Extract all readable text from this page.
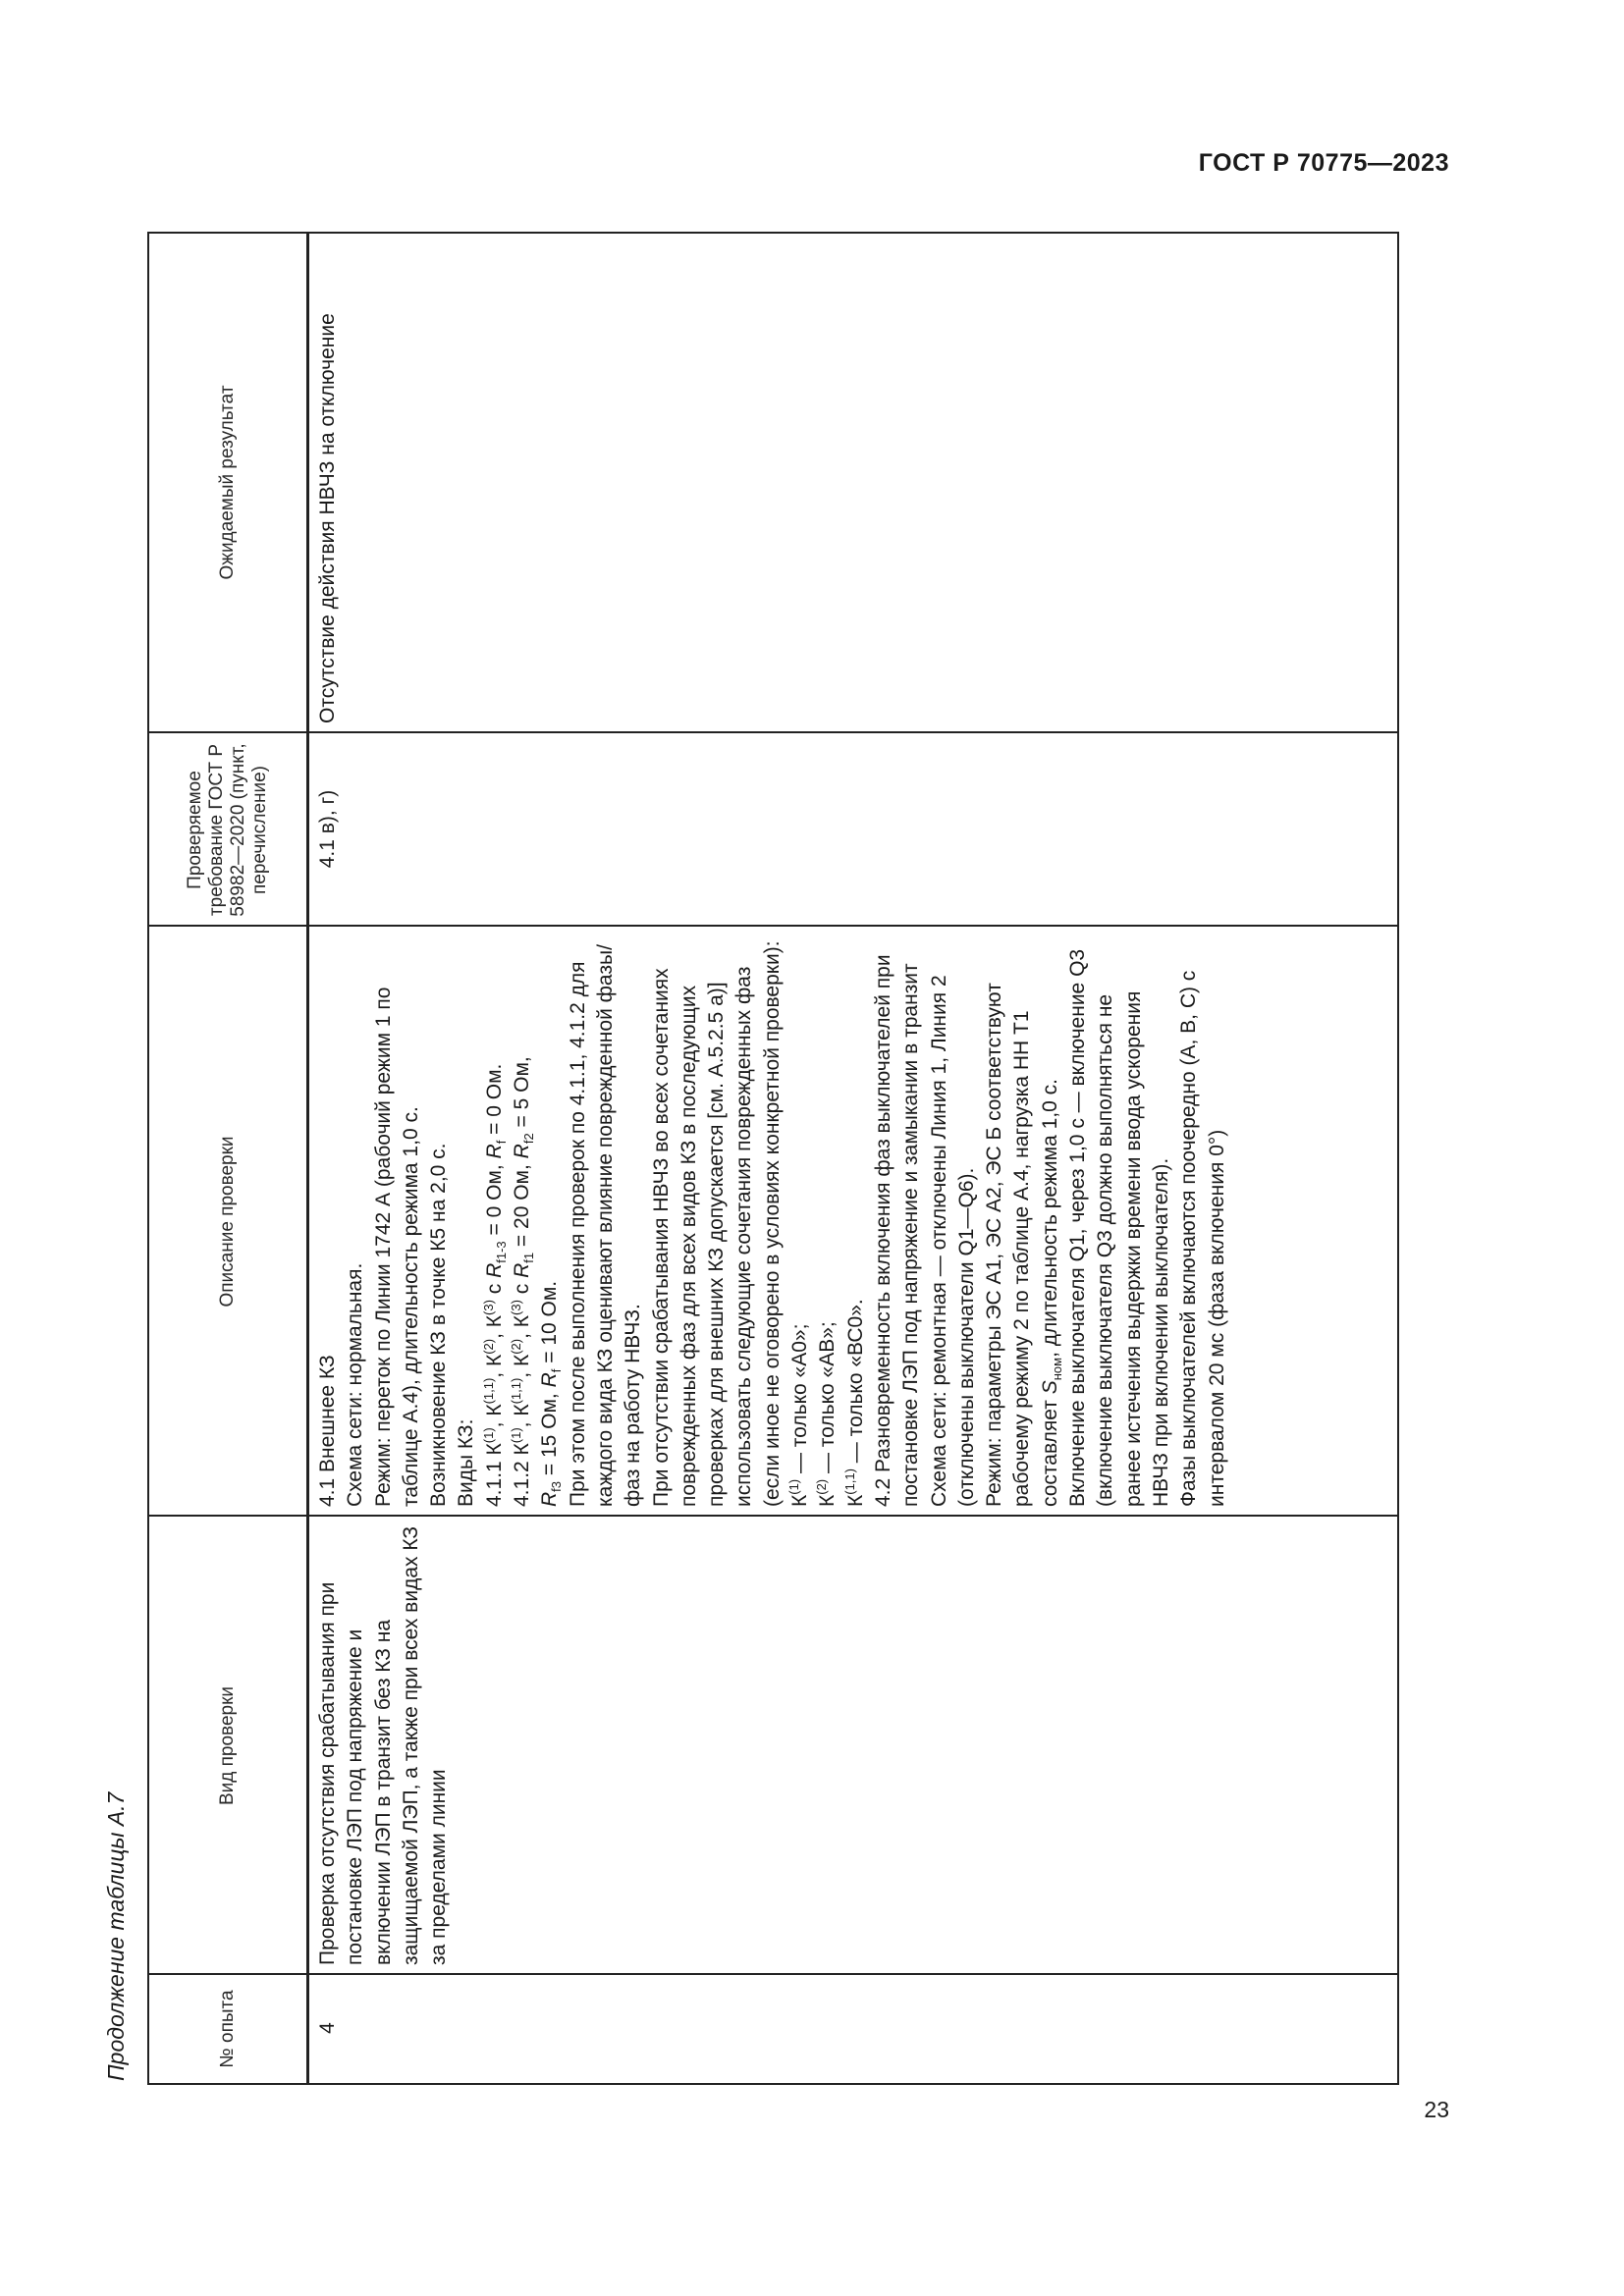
ГОСТ Р 70775—2023
Продолжение таблицы А.7	№ опыта
Вид проверки
Описание проверки
Проверяемое требование ГОСТ Р 58982—2020 (пункт, перечисление)
Ожидаемый результат
4
Проверка отсутствия срабатывания при постановке ЛЭП под напряжение и включении ЛЭП в транзит без КЗ на защищаемой ЛЭП, а также при всех видах КЗ за пределами линии

4.1 Внешнее КЗ Схема сети: нормальная. Режим: переток по Линии 1742 А (рабочий режим 1 по таблице А.4), длительность режима 1,0 с. Возникновение КЗ в точке К5 на 2,0 с. Виды КЗ: 4.1.1 $К^{(1)}$, К$^{(1,1)}$, $К^{(2)}$, $К^{(3)}$ с $R_{f1-3} = 0$ Ом, $R_f = 0$ Ом.

4.1.2 $К^{(1)}$, К$^{(1,1)}$, $К^{(2)}$, $К^{(3)}$ с $R_{f1} = 20$ Ом, $R_{f2} = 5$ Ом,

$R_{f3} = 15$ Ом, $R_f = 10$ Ом. При этом после выполнения проверок по 4.1.1, 4.1.2 для каждого вида КЗ оценивают влияние поврежденной фазы/фаз на работу НВЧЗ. При отсутствии срабатывания НВЧЗ во всех сочетаниях поврежденных фаз для всех видов КЗ в последующих проверках для внешних КЗ допускается [см. А.5.2.5 а)] использовать следующие сочетания поврежденных фаз (если иное не оговорено в условиях конкретной проверки): $К^{(1)}$ — только «А0»;

$К^{(2)}$ — только «АВ»;

К$^{(1,1)}$ — только «ВС0». 4.2 Разновременность включения фаз выключателей при постановке ЛЭП под напряжение и замыкании в транзит Схема сети: ремонтная — отключены Линия 1, Линия 2 (отключены выключатели Q1—Q6). Режим: параметры ЭС А1, ЭС А2, ЭС Б соответствуют рабочему режиму 2 по таблице А.4, нагрузка НН Т1 составляет $S_{ном}$, длительность режима 1,0 с. Включение выключателя Q1, через 1,0 с — включение Q3 (включение выключателя Q3 должно выполняться не ранее истечения выдержки времени ввода ускорения НВЧЗ при включении выключателя). Фазы выключателей включаются поочередно (А, В, С) с интервалом 20 мс (фаза включения 0°)

4.1 в), г)
Отсутствие действия НВЧЗ на отключение
23
